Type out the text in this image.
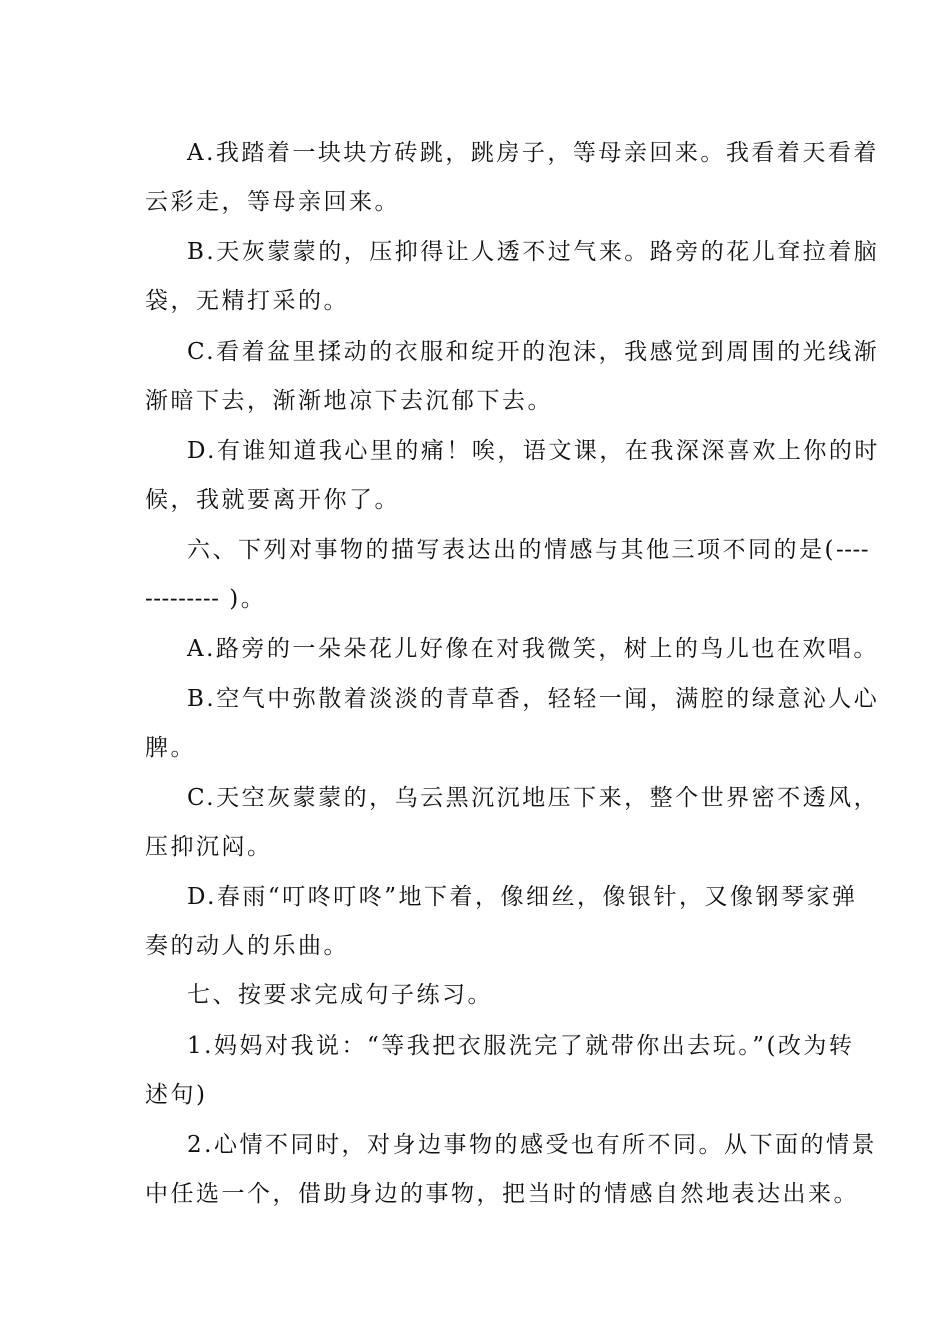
A.我踏着一块块方砖跳，跳房子，等母亲回来。我看着天看着
云彩走，等母亲回来。
B.天灰蒙蒙的，压抑得让人透不过气来。路旁的花儿耷拉着脑
袋，无精打采的。
C.看着盆里揉动的衣服和绽开的泡沫，我感觉到周围的光线渐
渐暗下去，渐渐地凉下去沉郁下去。
D.有谁知道我心里的痛！唉，语文课，在我深深喜欢上你的时
候，我就要离开你了。
六、下列对事物的描写表达出的情感与其他三项不同的是(----
--------- )。
A.路旁的一朵朵花儿好像在对我微笑，树上的鸟儿也在欢唱。
B.空气中弥散着淡淡的青草香，轻轻一闻，满腔的绿意沁人心
脾。
C.天空灰蒙蒙的，乌云黑沉沉地压下来，整个世界密不透风，
压抑沉闷。
D.春雨“叮咚叮咚”地下着，像细丝，像银针，又像钢琴家弹
奏的动人的乐曲。
七、按要求完成句子练习。
1.妈妈对我说：“等我把衣服洗完了就带你出去玩。”(改为转
述句)
2.心情不同时，对身边事物的感受也有所不同。从下面的情景
中任选一个，借助身边的事物，把当时的情感自然地表达出来。
